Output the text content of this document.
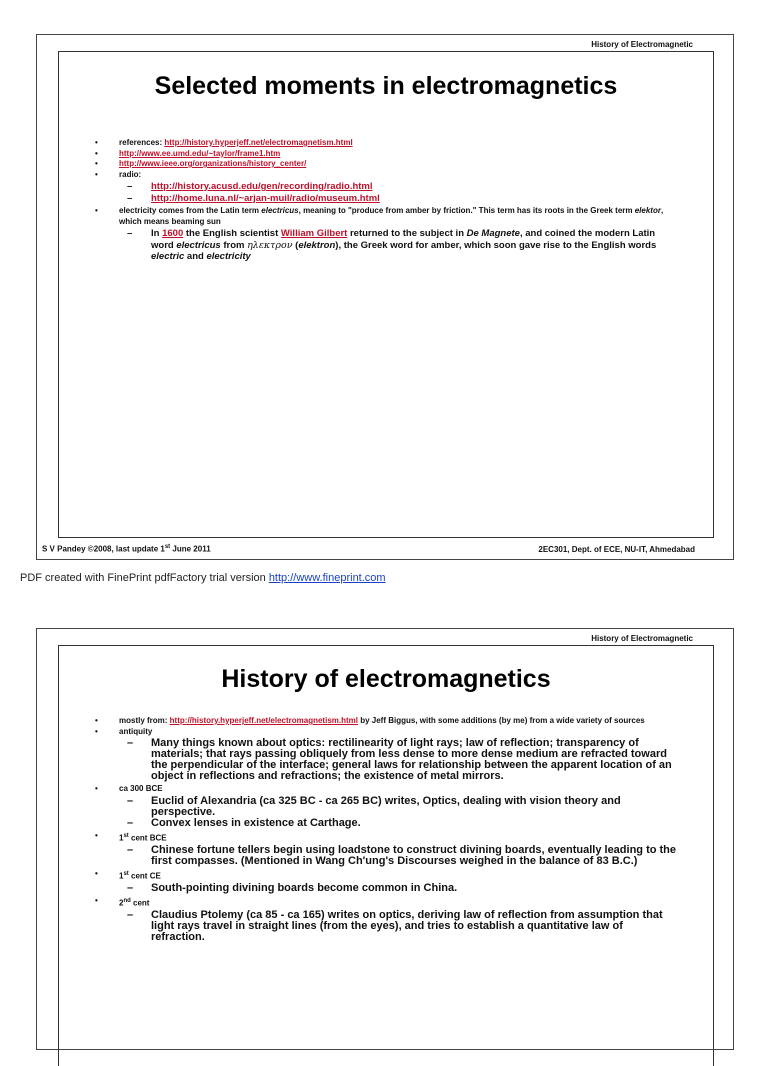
History of Electromagnetic
Selected moments in electromagnetics
•	references: http://history.hyperjeff.net/electromagnetism.html
•	http://www.ee.umd.edu/~taylor/frame1.htm
•	http://www.ieee.org/organizations/history_center/
•	radio:
– http://history.acusd.edu/gen/recording/radio.html
– http://home.luna.nl/~arjan-muil/radio/museum.html
•	electricity comes from the Latin term electricus, meaning to "produce from amber by friction." This term has its roots in the Greek term elektor, which means beaming sun
– In 1600 the English scientist William Gilbert returned to the subject in De Magnete, and coined the modern Latin word electricus from ηλεκτρον (elektron), the Greek word for amber, which soon gave rise to the English words electric and electricity
S V Pandey ©2008, last update 1st June 2011	2EC301, Dept. of ECE, NU-IT, Ahmedabad
PDF created with FinePrint pdfFactory trial version http://www.fineprint.com
History of Electromagnetic
History of electromagnetics
•	mostly from: http://history.hyperjeff.net/electromagnetism.html by Jeff Biggus, with some additions (by me) from a wide variety of sources
•	antiquity
– Many things known about optics: rectilinearity of light rays; law of reflection; transparency of materials; that rays passing obliquely from less dense to more dense medium are refracted toward the perpendicular of the interface; general laws for relationship between the apparent location of an object in reflections and refractions; the existence of metal mirrors.
•	ca 300 BCE
– Euclid of Alexandria (ca 325 BC - ca 265 BC) writes, Optics, dealing with vision theory and perspective.
– Convex lenses in existence at Carthage.
•	1st cent BCE
– Chinese fortune tellers begin using loadstone to construct divining boards, eventually leading to the first compasses. (Mentioned in Wang Ch'ung's Discourses weighed in the balance of 83 B.C.)
•	1st cent CE
– South-pointing divining boards become common in China.
•	2nd cent
– Claudius Ptolemy (ca 85 - ca 165) writes on optics, deriving law of reflection from assumption that light rays travel in straight lines (from the eyes), and tries to establish a quantitative law of refraction.
